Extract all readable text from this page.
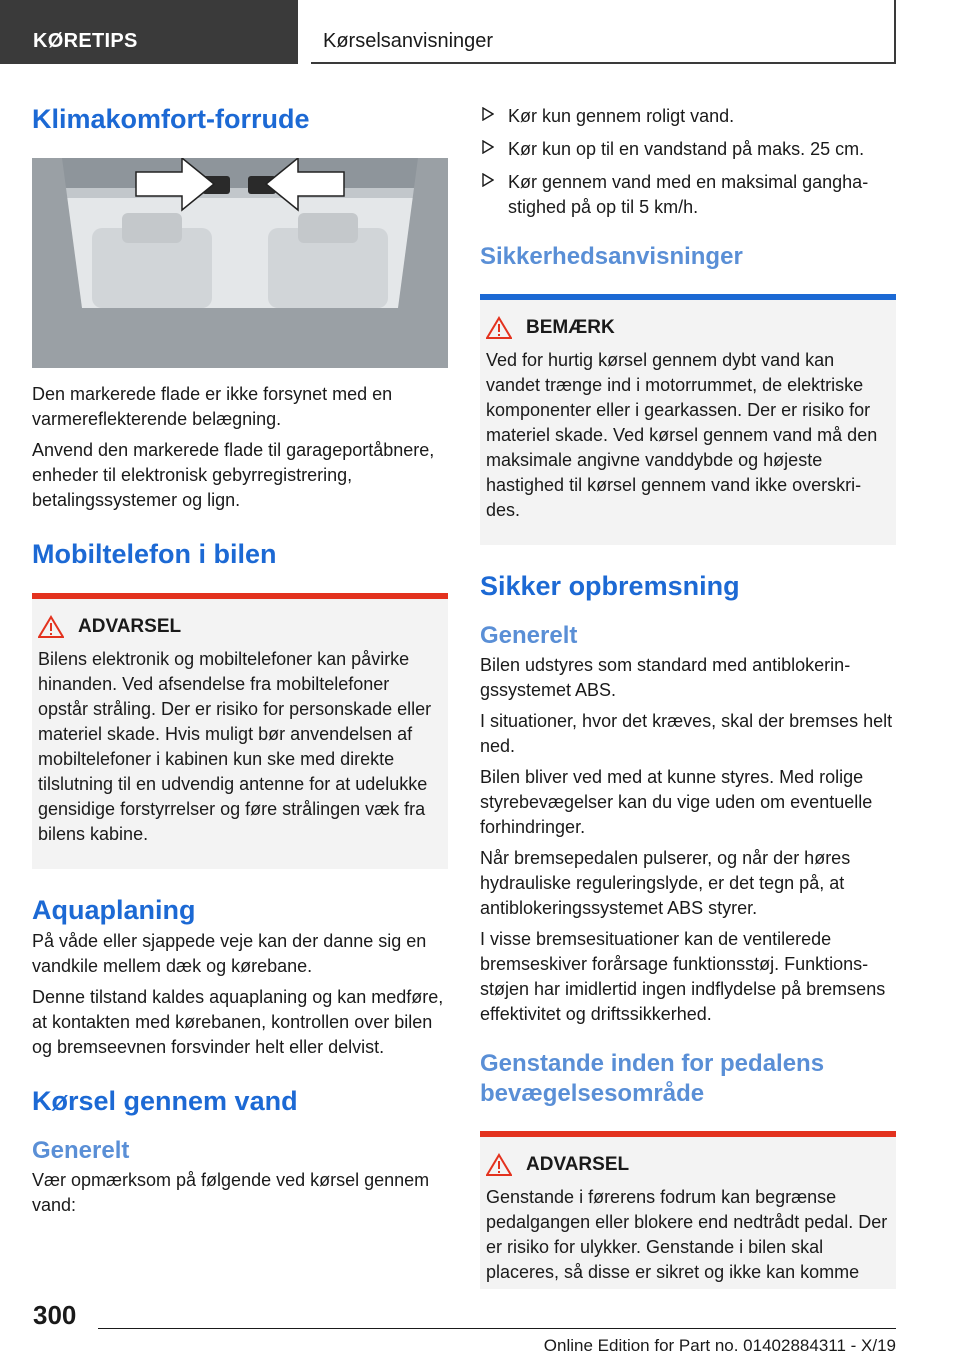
KØRETIPS	Kørselsanvisninger
Klimakomfort-forrude

Den markerede flade er ikke forsynet med en varmereflekterende belægning.

Anvend den markerede flade til garageportåbnere, enheder til elektronisk gebyrregistrering, betalingssystemer og lign.

Mobiltelefon i bilen
ADVARSEL

Bilens elektronik og mobiltelefoner kan påvirke hinanden. Ved afsendelse fra mobiltelefoner opstår stråling. Der er risiko for personskade eller materiel skade. Hvis muligt bør anvendelsen af mobiltelefoner i kabinen kun ske med direkte tilslutning til en udvendig antenne for at udelukke gensidige forstyrrelser og føre strålingen væk fra bilens kabine.

Aquaplaning

På våde eller sjappede veje kan der danne sig en vandkile mellem dæk og kørebane.

Denne tilstand kaldes aquaplaning og kan medføre, at kontakten med kørebanen, kontrollen over bilen og bremseevnen forsvinder helt eller delvist.

Kørsel gennem vand
Generelt

Vær opmærksom på følgende ved kørsel gennem vand:

Kør kun gennem roligt vand.
Kør kun op til en vandstand på maks. 25 cm.
Kør gennem vand med en maksimal ganghastighed på op til 5 km/h.
Sikkerhedsanvisninger
BEMÆRK

Ved for hurtig kørsel gennem dybt vand kan vandet trænge ind i motorrummet, de elektriske komponenter eller i gearkassen. Der er risiko for materiel skade. Ved kørsel gennem vand må den maksimale angivne vanddybde og højeste hastighed til kørsel gennem vand ikke overskrides.

Sikker opbremsning
Generelt

Bilen udstyres som standard med antiblokeringssystemet ABS.

I situationer, hvor det kræves, skal der bremses helt ned.

Bilen bliver ved med at kunne styres. Med rolige styrebevægelser kan du vige uden om eventuelle forhindringer.

Når bremsepedalen pulserer, og når der høres hydrauliske reguleringslyde, er det tegn på, at antiblokeringssystemet ABS styrer.

I visse bremsesituationer kan de ventilerede bremseskiver forårsage funktionsstøj. Funktionsstøjen har imidlertid ingen indflydelse på bremsens effektivitet og driftssikkerhed.

Genstande inden for pedalens bevægelsesområde
ADVARSEL

Genstande i førerens fodrum kan begrænse pedalgangen eller blokere end nedtrådt pedal. Der er risiko for ulykker. Genstande i bilen skal placeres, så disse er sikret og ikke kan komme

300
Online Edition for Part no. 01402884311 - X/19
